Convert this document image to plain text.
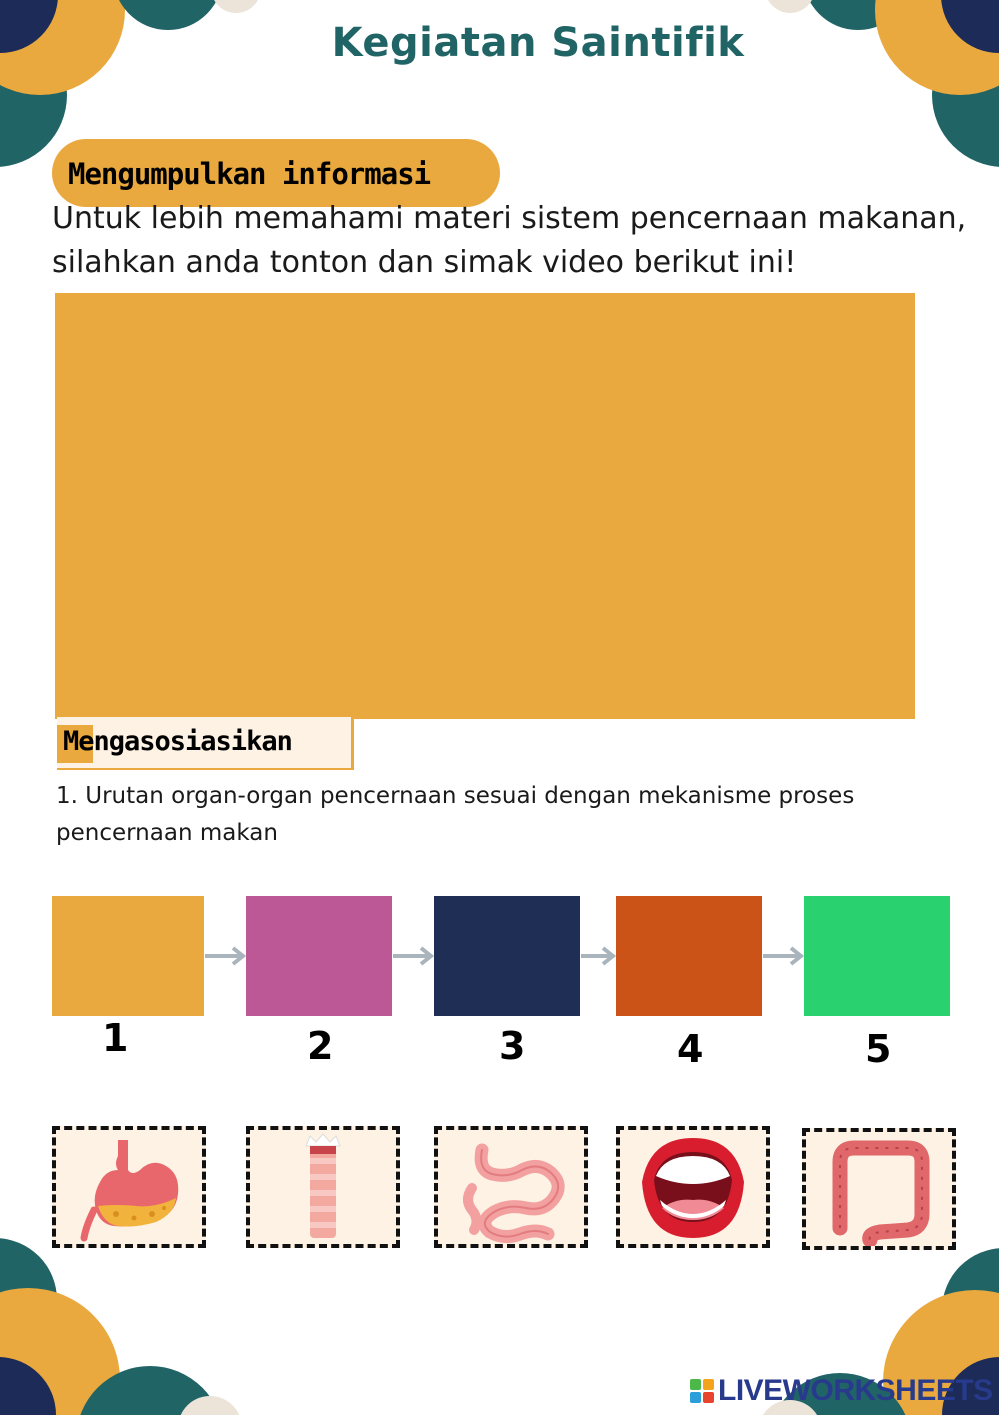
Kegiatan Saintifik
Mengumpulkan informasi
Untuk lebih memahami materi sistem pencernaan makanan, silahkan anda tonton dan simak video berikut ini!
Mengasosiasikan
1. Urutan organ-organ pencernaan sesuai dengan mekanisme proses pencernaan makan
1	2	3	4	5
LIVEWORKSHEETS
